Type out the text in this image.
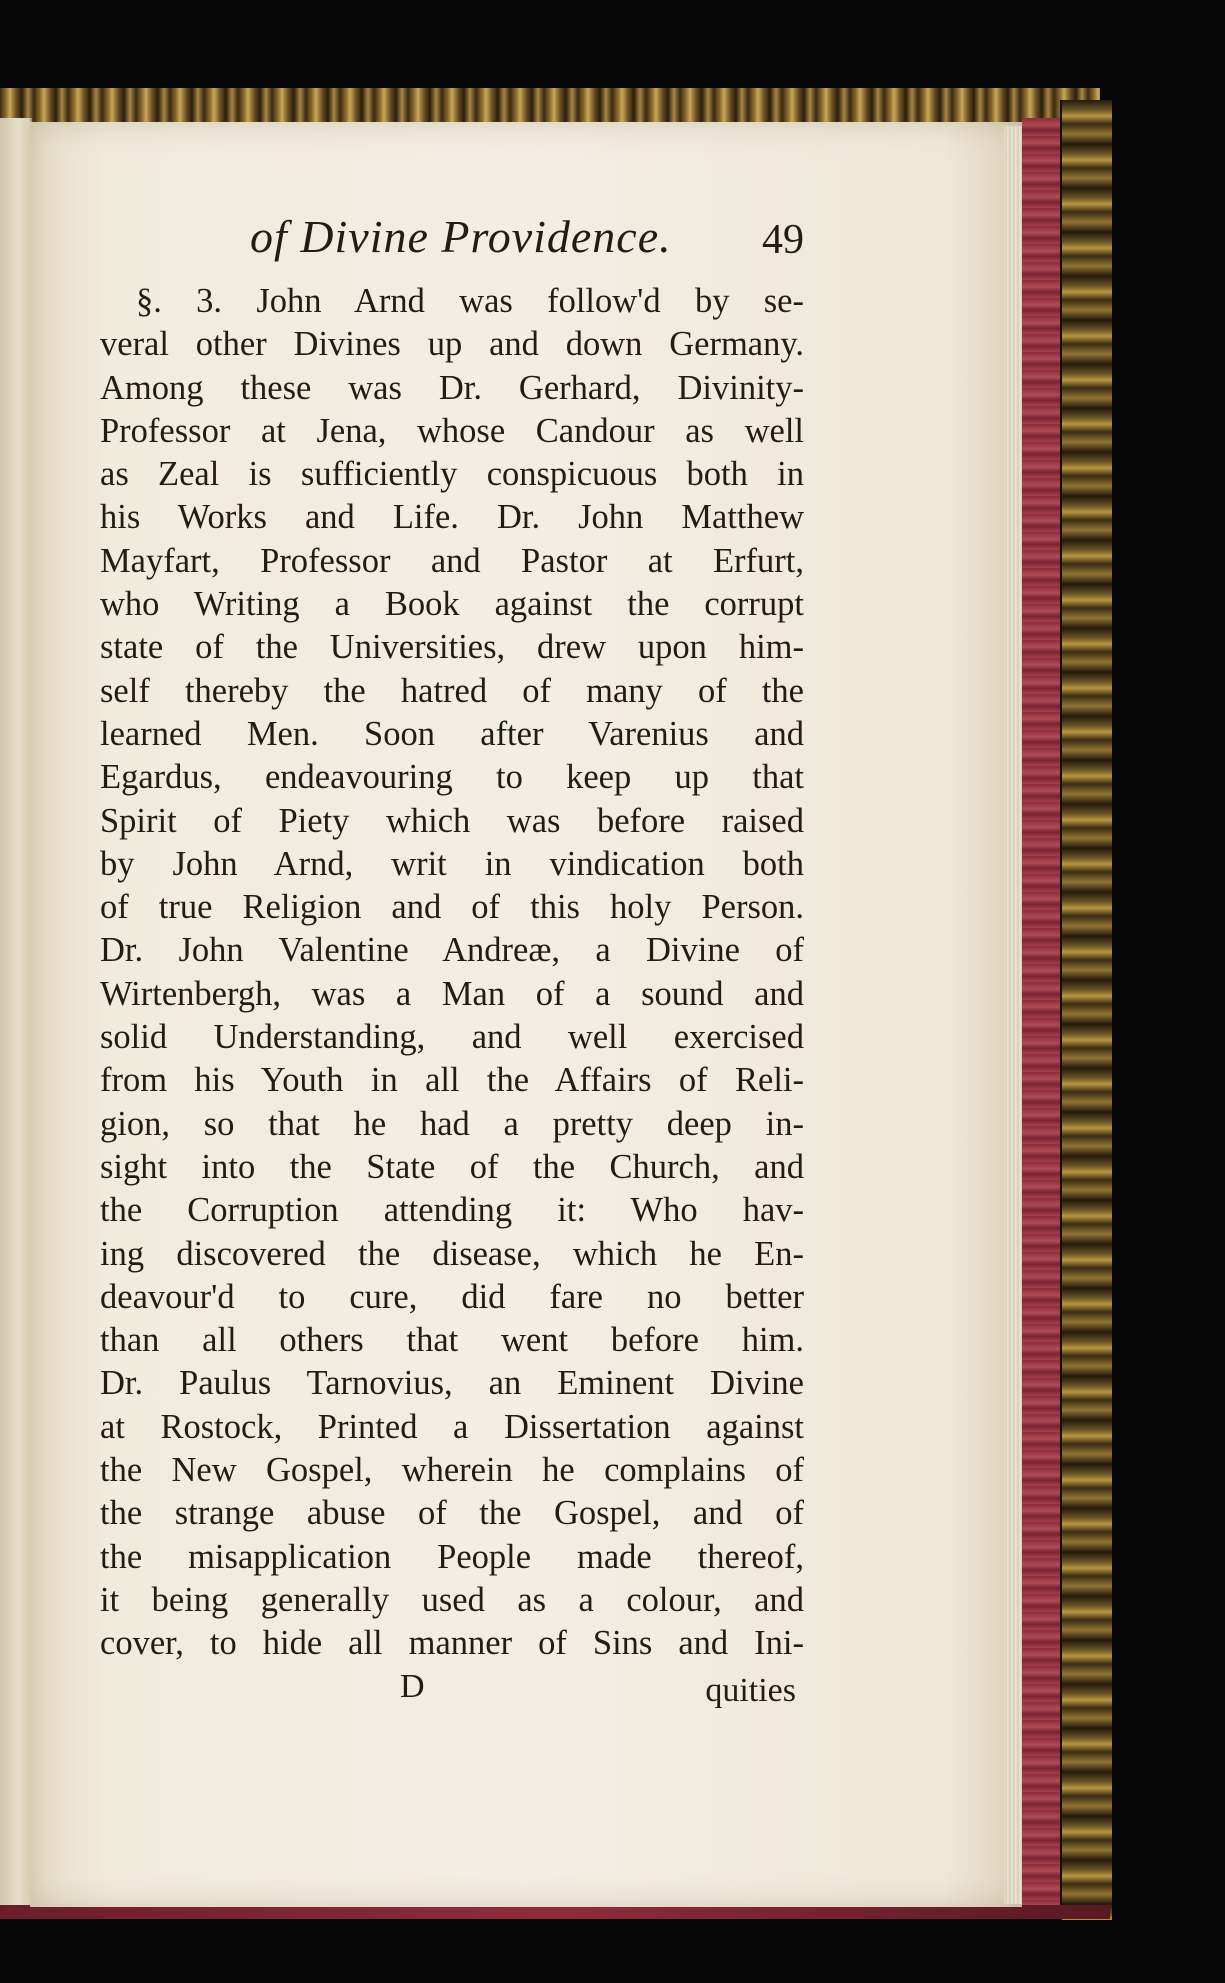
of Divine Providence. 49
§. 3. John Arnd was follow'd by se-
veral other Divines up and down Germany.
Among these was Dr. Gerhard, Divinity-
Professor at Jena, whose Candour as well
as Zeal is sufficiently conspicuous both in
his Works and Life. Dr. John Matthew
Mayfart, Professor and Pastor at Erfurt,
who Writing a Book against the corrupt
state of the Universities, drew upon him-
self thereby the hatred of many of the
learned Men. Soon after Varenius and
Egardus, endeavouring to keep up that
Spirit of Piety which was before raised
by John Arnd, writ in vindication both
of true Religion and of this holy Person.
Dr. John Valentine Andreæ, a Divine of
Wirtenbergh, was a Man of a sound and
solid Understanding, and well exercised
from his Youth in all the Affairs of Reli-
gion, so that he had a pretty deep in-
sight into the State of the Church, and
the Corruption attending it: Who hav-
ing discovered the disease, which he En-
deavour'd to cure, did fare no better
than all others that went before him.
Dr. Paulus Tarnovius, an Eminent Divine
at Rostock, Printed a Dissertation against
the New Gospel, wherein he complains of
the strange abuse of the Gospel, and of
the misapplication People made thereof,
it being generally used as a colour, and
cover, to hide all manner of Sins and Ini-
D	quities
